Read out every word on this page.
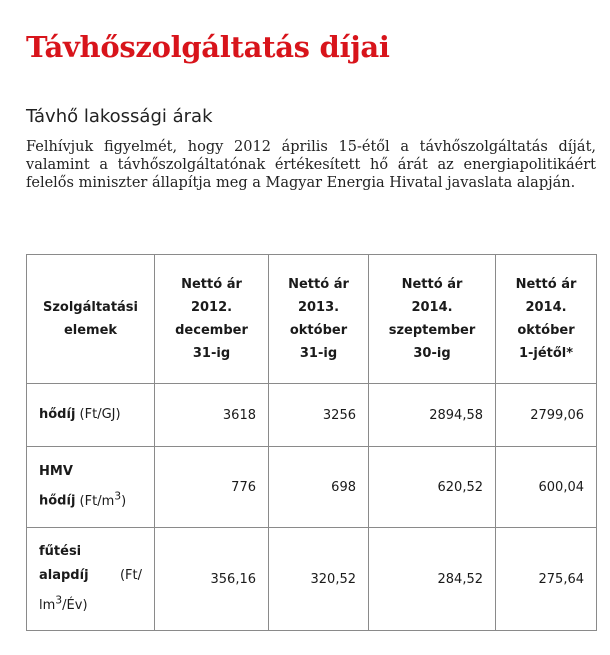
Távhőszolgáltatás díjai
Távhő lakossági árak

Felhívjuk figyelmét, hogy 2012 április 15-étől a távhőszolgáltatás díját, valamint a távhőszolgáltatónak értékesített hő árát az energiapolitikáért felelős miniszter állapítja meg a Magyar Energia Hivatal javaslata alapján.

Szolgáltatási elemek	Nettó ár 2012. december 31-ig	Nettó ár 2013. október 31-ig	Nettó ár 2014. szeptember 30-ig	Nettó ár 2014. október 1-jétől*
hődíj (Ft/GJ)	3618	3256	2894,58	2799,06
HMV
hődíj $(Ft/m^3)$	776	698	620,52	600,04
fűtési

alapdíj (Ft/
$lm^3/Év$)	356,16	320,52	284,52	275,64
